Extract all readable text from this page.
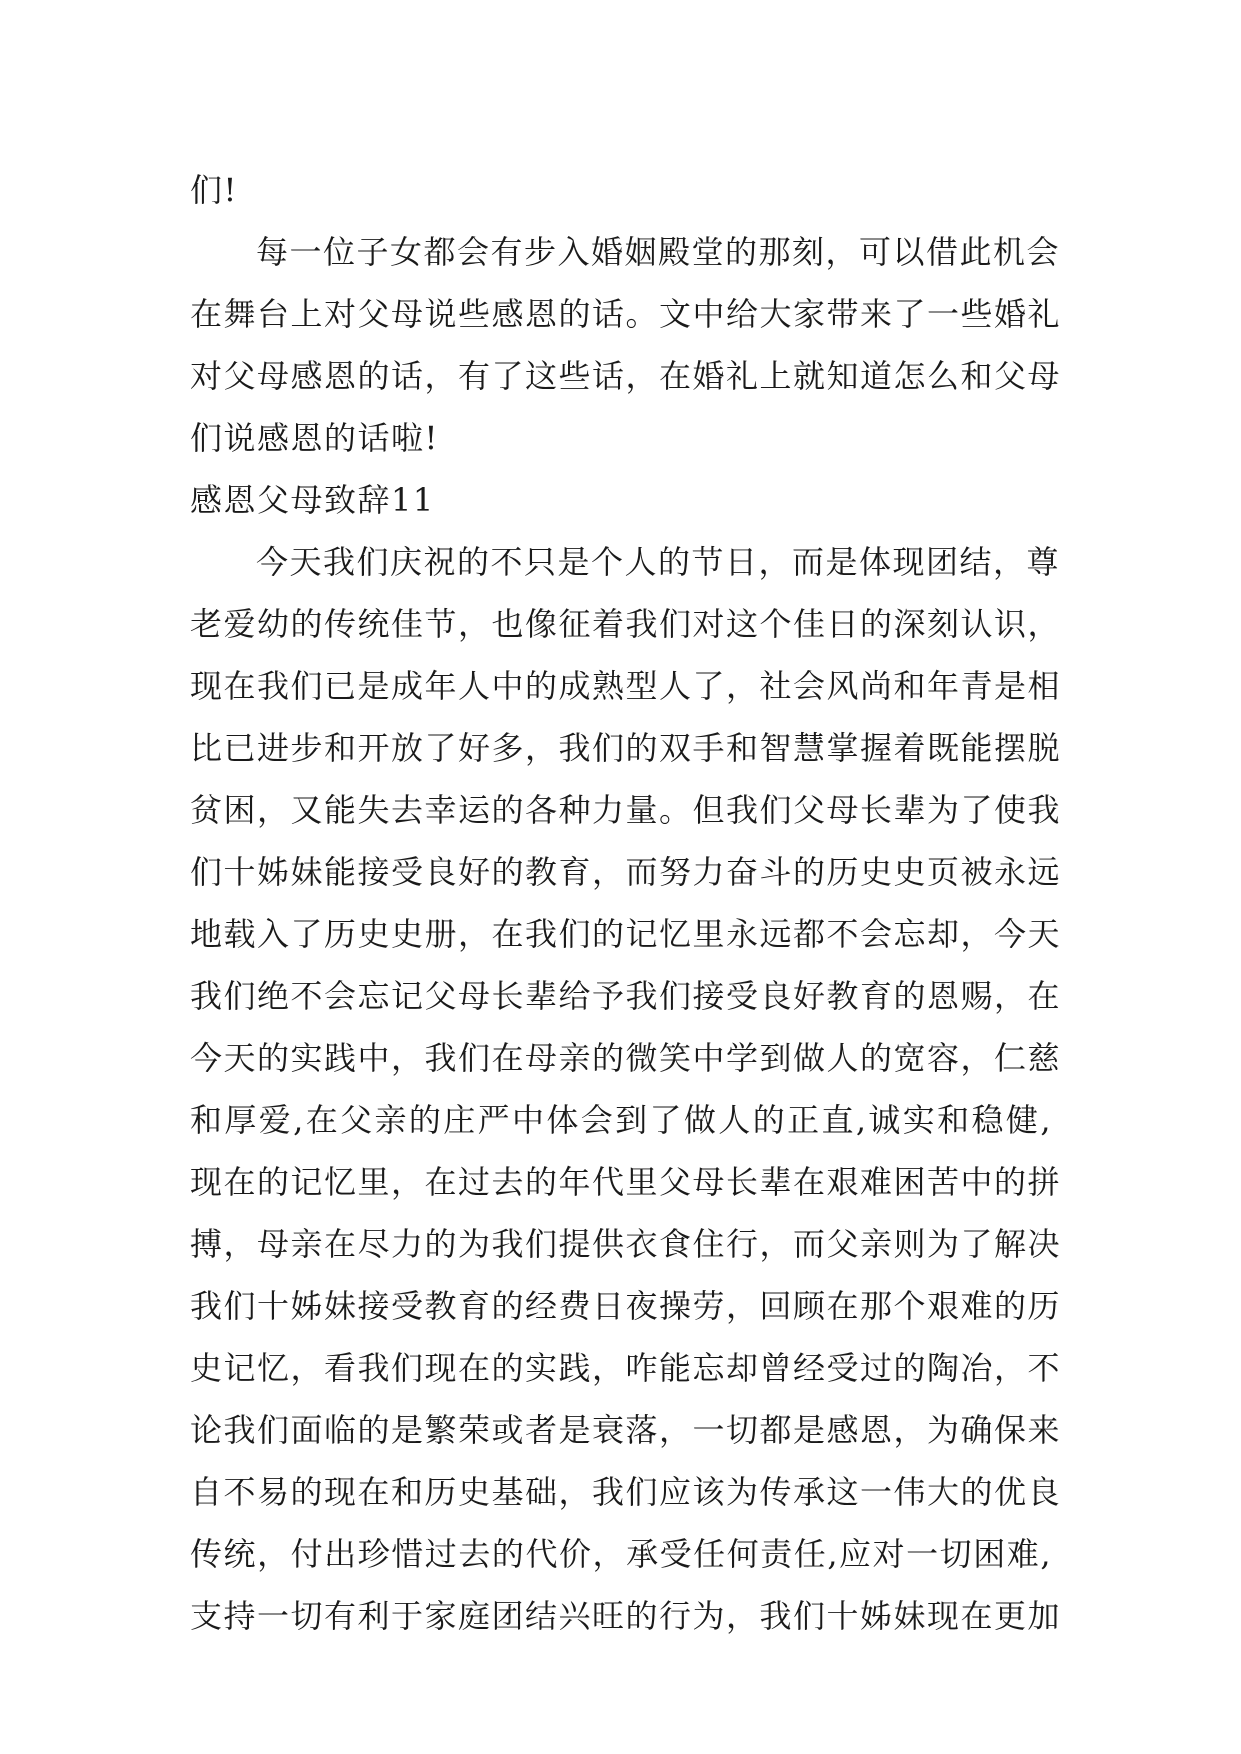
们!
每一位子女都会有步入婚姻殿堂的那刻，可以借此机会
在舞台上对父母说些感恩的话。文中给大家带来了一些婚礼
对父母感恩的话，有了这些话，在婚礼上就知道怎么和父母
们说感恩的话啦!
感恩父母致辞11
今天我们庆祝的不只是个人的节日，而是体现团结，尊
老爱幼的传统佳节，也像征着我们对这个佳日的深刻认识，
现在我们已是成年人中的成熟型人了，社会风尚和年青是相
比已进步和开放了好多，我们的双手和智慧掌握着既能摆脱
贫困，又能失去幸运的各种力量。但我们父母长辈为了使我
们十姊妹能接受良好的教育，而努力奋斗的历史史页被永远
地载入了历史史册，在我们的记忆里永远都不会忘却，今天
我们绝不会忘记父母长辈给予我们接受良好教育的恩赐，在
今天的实践中，我们在母亲的微笑中学到做人的宽容，仁慈
和厚爱,在父亲的庄严中体会到了做人的正直,诚实和稳健,
现在的记忆里，在过去的年代里父母长辈在艰难困苦中的拼
搏，母亲在尽力的为我们提供衣食住行，而父亲则为了解决
我们十姊妹接受教育的经费日夜操劳，回顾在那个艰难的历
史记忆，看我们现在的实践，咋能忘却曾经受过的陶冶，不
论我们面临的是繁荣或者是衰落，一切都是感恩，为确保来
自不易的现在和历史基础，我们应该为传承这一伟大的优良
传统，付出珍惜过去的代价，承受任何责任,应对一切困难,
支持一切有利于家庭团结兴旺的行为，我们十姊妹现在更加
